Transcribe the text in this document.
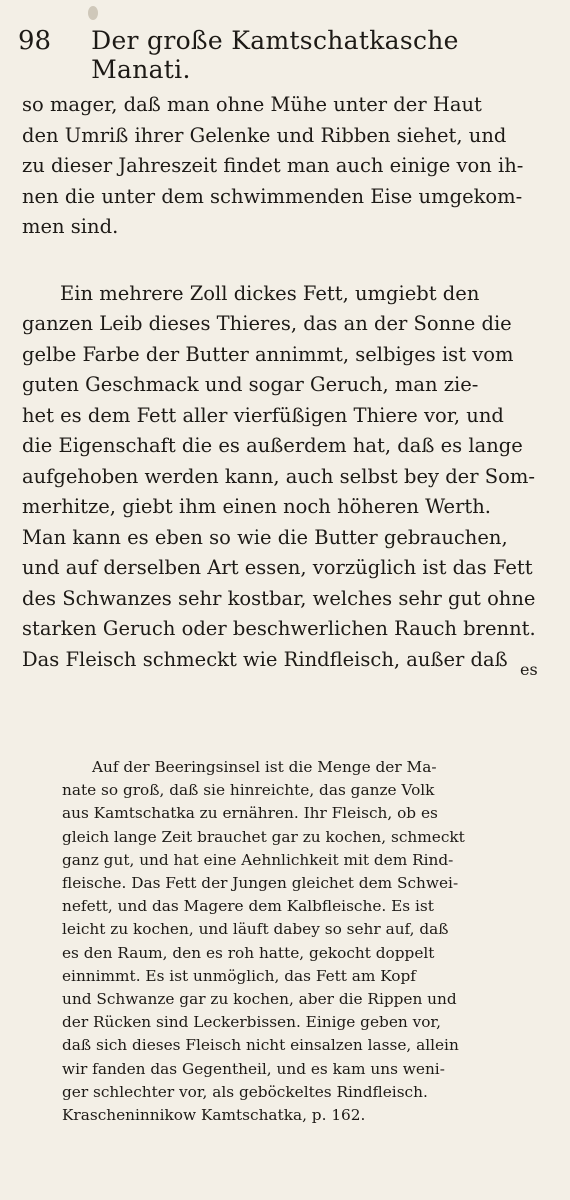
98 Der große Kamtschatkasche Manati.
so mager, daß man ohne Mühe unter der Haut
den Umriß ihrer Gelenke und Ribben siehet, und
zu dieser Jahreszeit findet man auch einige von ih-
nen die unter dem schwimmenden Eise umgekom-
men sind.
Ein mehrere Zoll dickes Fett, umgiebt den
ganzen Leib dieses Thieres, das an der Sonne die
gelbe Farbe der Butter annimmt, selbiges ist vom
guten Geschmack und sogar Geruch, man zie-
het es dem Fett aller vierfüßigen Thiere vor, und
die Eigenschaft die es außerdem hat, daß es lange
aufgehoben werden kann, auch selbst bey der Som-
merhitze, giebt ihm einen noch höheren Werth.
Man kann es eben so wie die Butter gebrauchen,
und auf derselben Art essen, vorzüglich ist das Fett
des Schwanzes sehr kostbar, welches sehr gut ohne
starken Geruch oder beschwerlichen Rauch brennt.
Das Fleisch schmeckt wie Rindfleisch, außer daß es
Auf der Beeringsinsel ist die Menge der Ma-
nate so groß, daß sie hinreichte, das ganze Volk
aus Kamtschatka zu ernähren. Ihr Fleisch, ob es
gleich lange Zeit brauchet gar zu kochen, schmeckt
ganz gut, und hat eine Aehnlichkeit mit dem Rind-
fleische. Das Fett der Jungen gleichet dem Schwei-
nefett, und das Magere dem Kalbfleische. Es ist
leicht zu kochen, und läuft dabey so sehr auf, daß
es den Raum, den es roh hatte, gekocht doppelt
einnimmt. Es ist unmöglich, das Fett am Kopf
und Schwanze gar zu kochen, aber die Rippen und
der Rücken sind Leckerbissen. Einige geben vor,
daß sich dieses Fleisch nicht einsalzen lasse, allein
wir fanden das Gegentheil, und es kam uns weni-
ger schlechter vor, als geböckeltes Rindfleisch.
Krascheninnikow Kamtschatka, p. 162.
